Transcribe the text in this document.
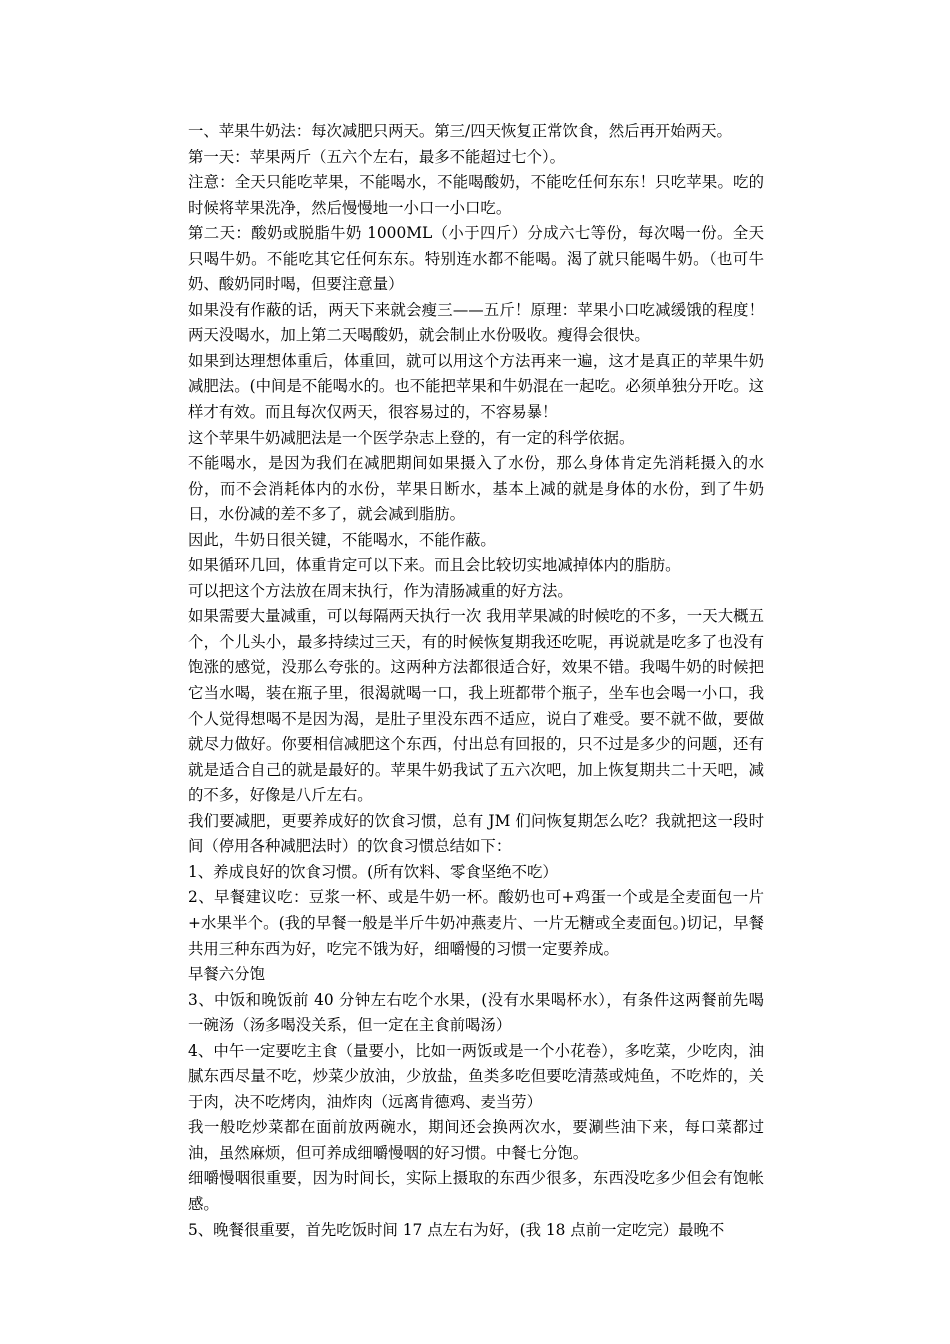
一、苹果牛奶法：每次减肥只两天。第三/四天恢复正常饮食，然后再开始两天。

第一天：苹果两斤（五六个左右，最多不能超过七个）。

注意：全天只能吃苹果，不能喝水，不能喝酸奶，不能吃任何东东！只吃苹果。吃的时候将苹果洗净，然后慢慢地一小口一小口吃。

第二天：酸奶或脱脂牛奶 1000ML（小于四斤）分成六七等份，每次喝一份。全天只喝牛奶。不能吃其它任何东东。特别连水都不能喝。渴了就只能喝牛奶。（也可牛奶、酸奶同时喝，但要注意量）

如果没有作蔽的话，两天下来就会瘦三——五斤！原理：苹果小口吃减缓饿的程度！两天没喝水，加上第二天喝酸奶，就会制止水份吸收。瘦得会很快。

如果到达理想体重后，体重回，就可以用这个方法再来一遍，这才是真正的苹果牛奶减肥法。(中间是不能喝水的。也不能把苹果和牛奶混在一起吃。必须单独分开吃。这样才有效。而且每次仅两天，很容易过的，不容易暴！

这个苹果牛奶减肥法是一个医学杂志上登的，有一定的科学依据。

不能喝水，是因为我们在减肥期间如果摄入了水份，那么身体肯定先消耗摄入的水份，而不会消耗体内的水份，苹果日断水，基本上减的就是身体的水份，到了牛奶日，水份减的差不多了，就会减到脂肪。

因此，牛奶日很关键，不能喝水，不能作蔽。

如果循环几回，体重肯定可以下来。而且会比较切实地减掉体内的脂肪。

可以把这个方法放在周末执行，作为清肠减重的好方法。

如果需要大量减重，可以每隔两天执行一次 我用苹果减的时候吃的不多，一天大概五个，个儿头小，最多持续过三天，有的时候恢复期我还吃呢，再说就是吃多了也没有饱涨的感觉，没那么夸张的。这两种方法都很适合好，效果不错。我喝牛奶的时候把它当水喝，装在瓶子里，很渴就喝一口，我上班都带个瓶子，坐车也会喝一小口，我个人觉得想喝不是因为渴，是肚子里没东西不适应，说白了难受。要不就不做，要做就尽力做好。你要相信减肥这个东西，付出总有回报的，只不过是多少的问题，还有就是适合自己的就是最好的。苹果牛奶我试了五六次吧，加上恢复期共二十天吧，减的不多，好像是八斤左右。

我们要减肥，更要养成好的饮食习惯，总有 JM 们问恢复期怎么吃？我就把这一段时间（停用各种减肥法时）的饮食习惯总结如下：

1、养成良好的饮食习惯。(所有饮料、零食坚绝不吃）

2、早餐建议吃：豆浆一杯、或是牛奶一杯。酸奶也可+鸡蛋一个或是全麦面包一片+水果半个。(我的早餐一般是半斤牛奶冲燕麦片、一片无糖或全麦面包。)切记，早餐共用三种东西为好，吃完不饿为好，细嚼慢的习惯一定要养成。

早餐六分饱

3、中饭和晚饭前 40 分钟左右吃个水果，(没有水果喝杯水），有条件这两餐前先喝一碗汤（汤多喝没关系，但一定在主食前喝汤）

4、中午一定要吃主食（量要小，比如一两饭或是一个小花卷），多吃菜，少吃肉，油腻东西尽量不吃，炒菜少放油，少放盐，鱼类多吃但要吃清蒸或炖鱼，不吃炸的，关于肉，决不吃烤肉，油炸肉（远离肯德鸡、麦当劳）

我一般吃炒菜都在面前放两碗水，期间还会换两次水，要涮些油下来，每口菜都过油，虽然麻烦，但可养成细嚼慢咽的好习惯。中餐七分饱。

细嚼慢咽很重要，因为时间长，实际上摄取的东西少很多，东西没吃多少但会有饱帐感。

5、晚餐很重要，首先吃饭时间 17 点左右为好，(我 18 点前一定吃完）最晚不
